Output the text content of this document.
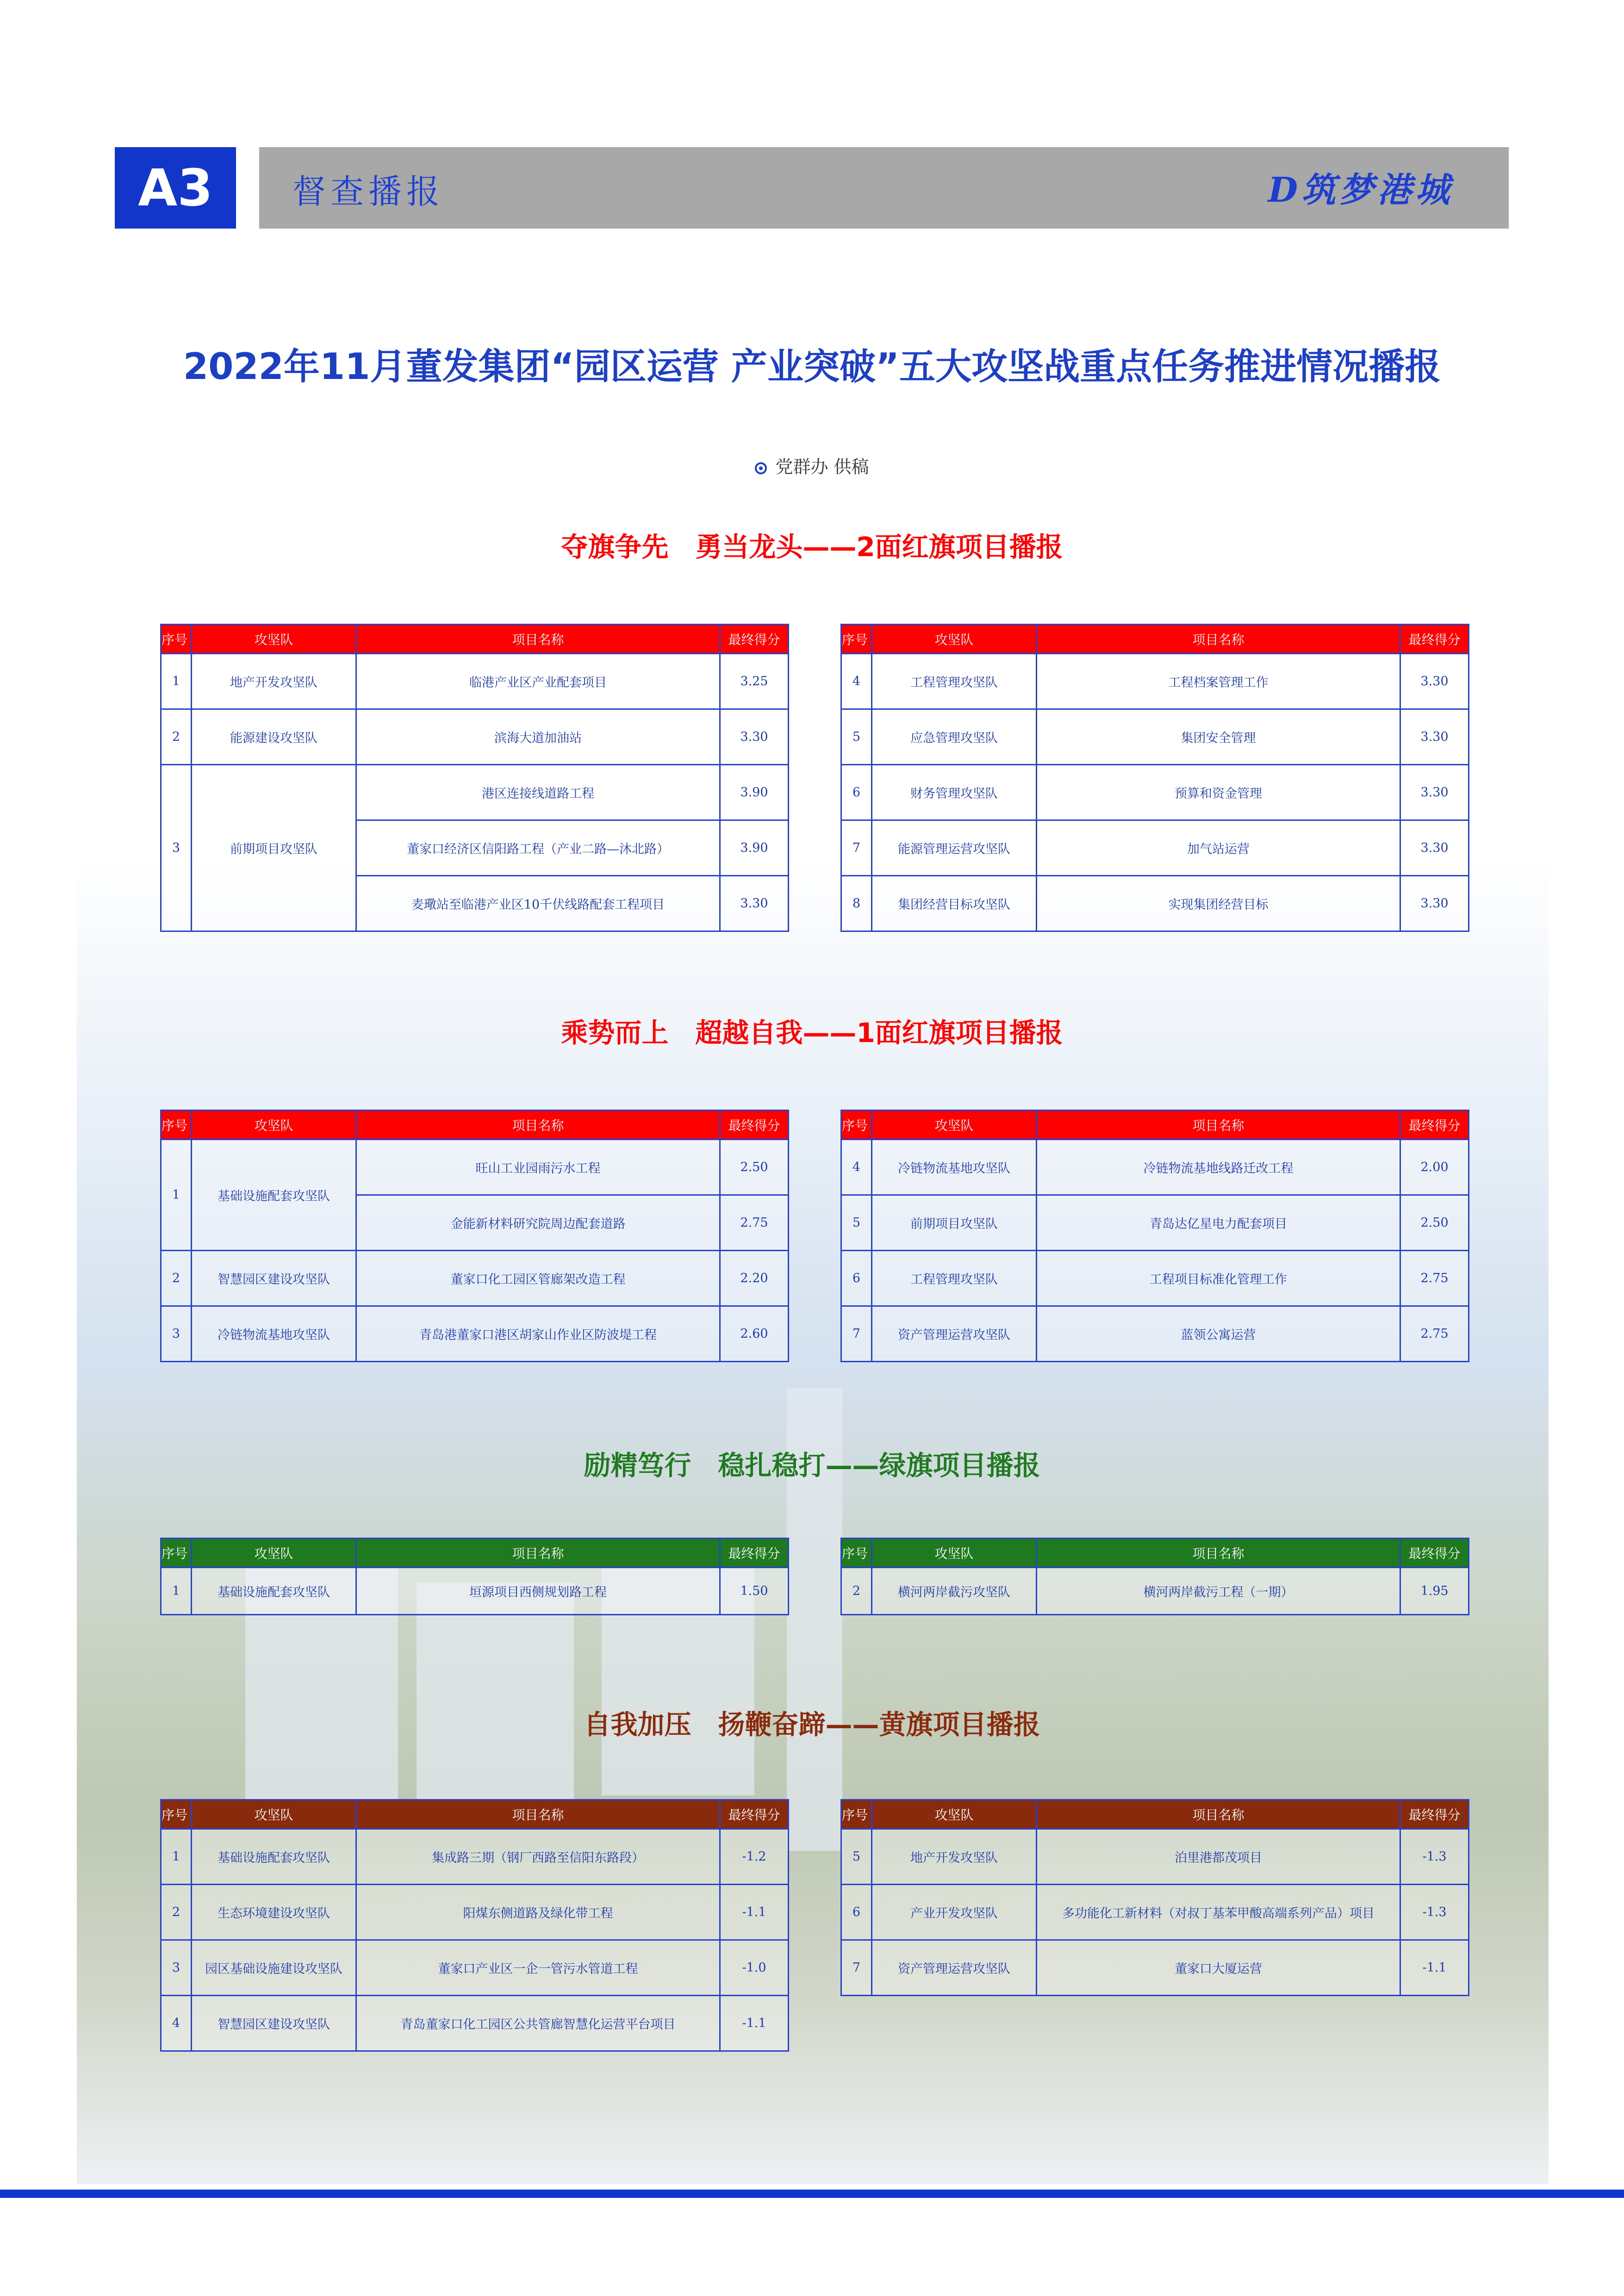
A3	督查播报	D筑梦港城
2022年11月董发集团“园区运营 产业突破”五大攻坚战重点任务推进情况播报
党群办 供稿
夺旗争先　勇当龙头——2面红旗项目播报
序号	攻坚队	项目名称	最终得分
1	地产开发攻坚队	临港产业区产业配套项目	3.25
2	能源建设攻坚队	滨海大道加油站	3.30
3	前期项目攻坚队	港区连接线道路工程	3.90
		董家口经济区信阳路工程（产业二路—沐北路）	3.90
		麦璥站至临港产业区10千伏线路配套工程项目	3.30
序号	攻坚队	项目名称	最终得分
4	工程管理攻坚队	工程档案管理工作	3.30
5	应急管理攻坚队	集团安全管理	3.30
6	财务管理攻坚队	预算和资金管理	3.30
7	能源管理运营攻坚队	加气站运营	3.30
8	集团经营目标攻坚队	实现集团经营目标	3.30
乘势而上　超越自我——1面红旗项目播报
序号	攻坚队	项目名称	最终得分
1	基础设施配套攻坚队	旺山工业园雨污水工程	2.50
		金能新材料研究院周边配套道路	2.75
2	智慧园区建设攻坚队	董家口化工园区管廊架改造工程	2.20
3	冷链物流基地攻坚队	青岛港董家口港区胡家山作业区防波堤工程	2.60
序号	攻坚队	项目名称	最终得分
4	冷链物流基地攻坚队	冷链物流基地线路迁改工程	2.00
5	前期项目攻坚队	青岛达亿星电力配套项目	2.50
6	工程管理攻坚队	工程项目标准化管理工作	2.75
7	资产管理运营攻坚队	蓝领公寓运营	2.75
励精笃行　稳扎稳打——绿旗项目播报
序号	攻坚队	项目名称	最终得分
1	基础设施配套攻坚队	垣源项目西侧规划路工程	1.50
序号	攻坚队	项目名称	最终得分
2	横河两岸截污攻坚队	横河两岸截污工程（一期）	1.95
自我加压　扬鞭奋蹄——黄旗项目播报
序号	攻坚队	项目名称	最终得分
1	基础设施配套攻坚队	集成路三期（钢厂西路至信阳东路段）	-1.2
2	生态环境建设攻坚队	阳煤东侧道路及绿化带工程	-1.1
3	园区基础设施建设攻坚队	董家口产业区一企一管污水管道工程	-1.0
4	智慧园区建设攻坚队	青岛董家口化工园区公共管廊智慧化运营平台项目	-1.1
序号	攻坚队	项目名称	最终得分
5	地产开发攻坚队	泊里港都茂项目	-1.3
6	产业开发攻坚队	多功能化工新材料（对叔丁基苯甲酸高端系列产品）项目	-1.3
7	资产管理运营攻坚队	董家口大厦运营	-1.1
